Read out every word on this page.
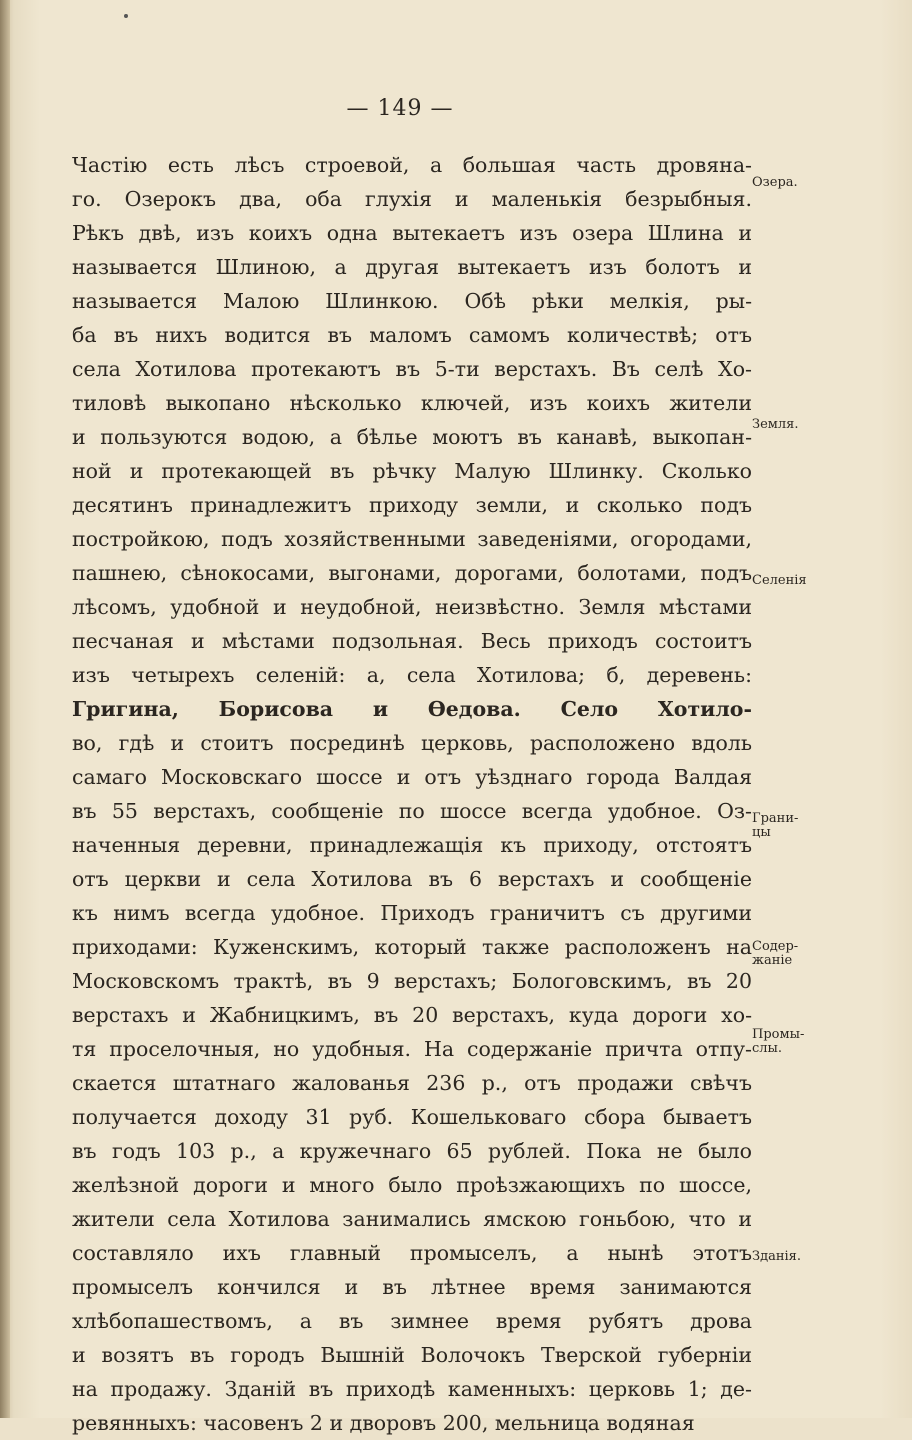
— 149 —
Частію есть лѣсъ строевой, а большая часть дровяна-
го. Озерокъ два, оба глухія и маленькія безрыбныя.
Рѣкъ двѣ, изъ коихъ одна вытекаетъ изъ озера Шлина и
называется Шлиною, а другая вытекаетъ изъ болотъ и
называется Малою Шлинкою. Обѣ рѣки мелкія, ры-
ба въ нихъ водится въ маломъ самомъ количествѣ; отъ
села Хотилова протекаютъ въ 5-ти верстахъ. Въ селѣ Хо-
тиловѣ выкопано нѣсколько ключей, изъ коихъ жители
и пользуются водою, а бѣлье моютъ въ канавѣ, выкопан-
ной и протекающей въ рѣчку Малую Шлинку. Сколько
десятинъ принадлежитъ приходу земли, и сколько подъ
постройкою, подъ хозяйственными заведеніями, огородами,
пашнею, сѣнокосами, выгонами, дорогами, болотами, подъ
лѣсомъ, удобной и неудобной, неизвѣстно. Земля мѣстами
песчаная и мѣстами подзольная. Весь приходъ состоитъ
изъ четырехъ селеній: а, села Хотилова; б, деревень:
Григина, Борисова и Ѳедова. Село Хотило-
во, гдѣ и стоитъ посрединѣ церковь, расположено вдоль
самаго Московскаго шоссе и отъ уѣзднаго города Валдая
въ 55 верстахъ, сообщеніе по шоссе всегда удобное. Оз-
наченныя деревни, принадлежащія къ приходу, отстоятъ
отъ церкви и села Хотилова въ 6 верстахъ и сообщеніе
къ нимъ всегда удобное. Приходъ граничитъ съ другими
приходами: Куженскимъ, который также расположенъ на
Московскомъ трактѣ, въ 9 верстахъ; Бологовскимъ, въ 20
верстахъ и Жабницкимъ, въ 20 верстахъ, куда дороги хо-
тя проселочныя, но удобныя. На содержаніе причта отпу-
скается штатнаго жалованья 236 р., отъ продажи свѣчъ
получается доходу 31 руб. Кошельковаго сбора бываетъ
въ годъ 103 р., а кружечнаго 65 рублей. Пока не было
желѣзной дороги и много было проѣзжающихъ по шоссе,
жители села Хотилова занимались ямскою гоньбою, что и
составляло ихъ главный промыселъ, а нынѣ этотъ
промыселъ кончился и въ лѣтнее время занимаются
хлѣбопашествомъ, а въ зимнее время рубятъ дрова
и возятъ въ городъ Вышній Волочокъ Тверской губерніи
на продажу. Зданій въ приходѣ каменныхъ: церковь 1; де-
ревянныхъ: часовенъ 2 и дворовъ 200, мельница водяная
Озера.
Земля.
Селенія
Грани-
цы
Содер-
жаніе
Промы-
слы.
Зданія.
